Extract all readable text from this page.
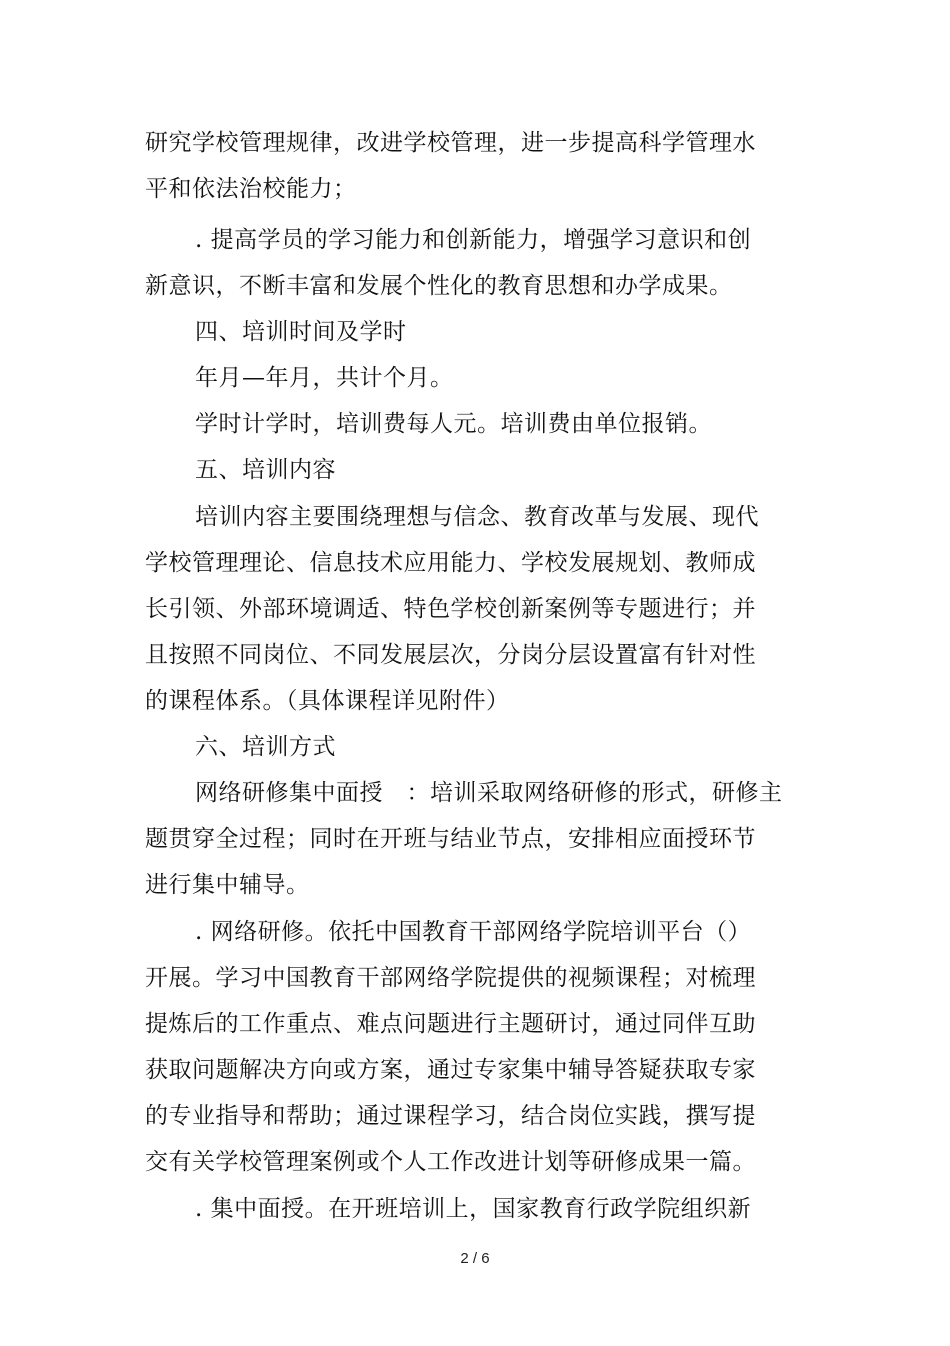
研究学校管理规律，改进学校管理，进一步提高科学管理水
平和依法治校能力；
. 提高学员的学习能力和创新能力，增强学习意识和创
新意识，不断丰富和发展个性化的教育思想和办学成果。
四、培训时间及学时
年月—年月，共计个月。
学时计学时，培训费每人元。培训费由单位报销。
五、培训内容
培训内容主要围绕理想与信念、教育改革与发展、现代
学校管理理论、信息技术应用能力、学校发展规划、教师成
长引领、外部环境调适、特色学校创新案例等专题进行；并
且按照不同岗位、不同发展层次，分岗分层设置富有针对性
的课程体系。（具体课程详见附件）
六、培训方式
网络研修集中面授　：培训采取网络研修的形式，研修主
题贯穿全过程；同时在开班与结业节点，安排相应面授环节
进行集中辅导。
. 网络研修。依托中国教育干部网络学院培训平台（）
开展。学习中国教育干部网络学院提供的视频课程；对梳理
提炼后的工作重点、难点问题进行主题研讨，通过同伴互助
获取问题解决方向或方案，通过专家集中辅导答疑获取专家
的专业指导和帮助；通过课程学习，结合岗位实践，撰写提
交有关学校管理案例或个人工作改进计划等研修成果一篇。
. 集中面授。在开班培训上，国家教育行政学院组织新
2 / 6
